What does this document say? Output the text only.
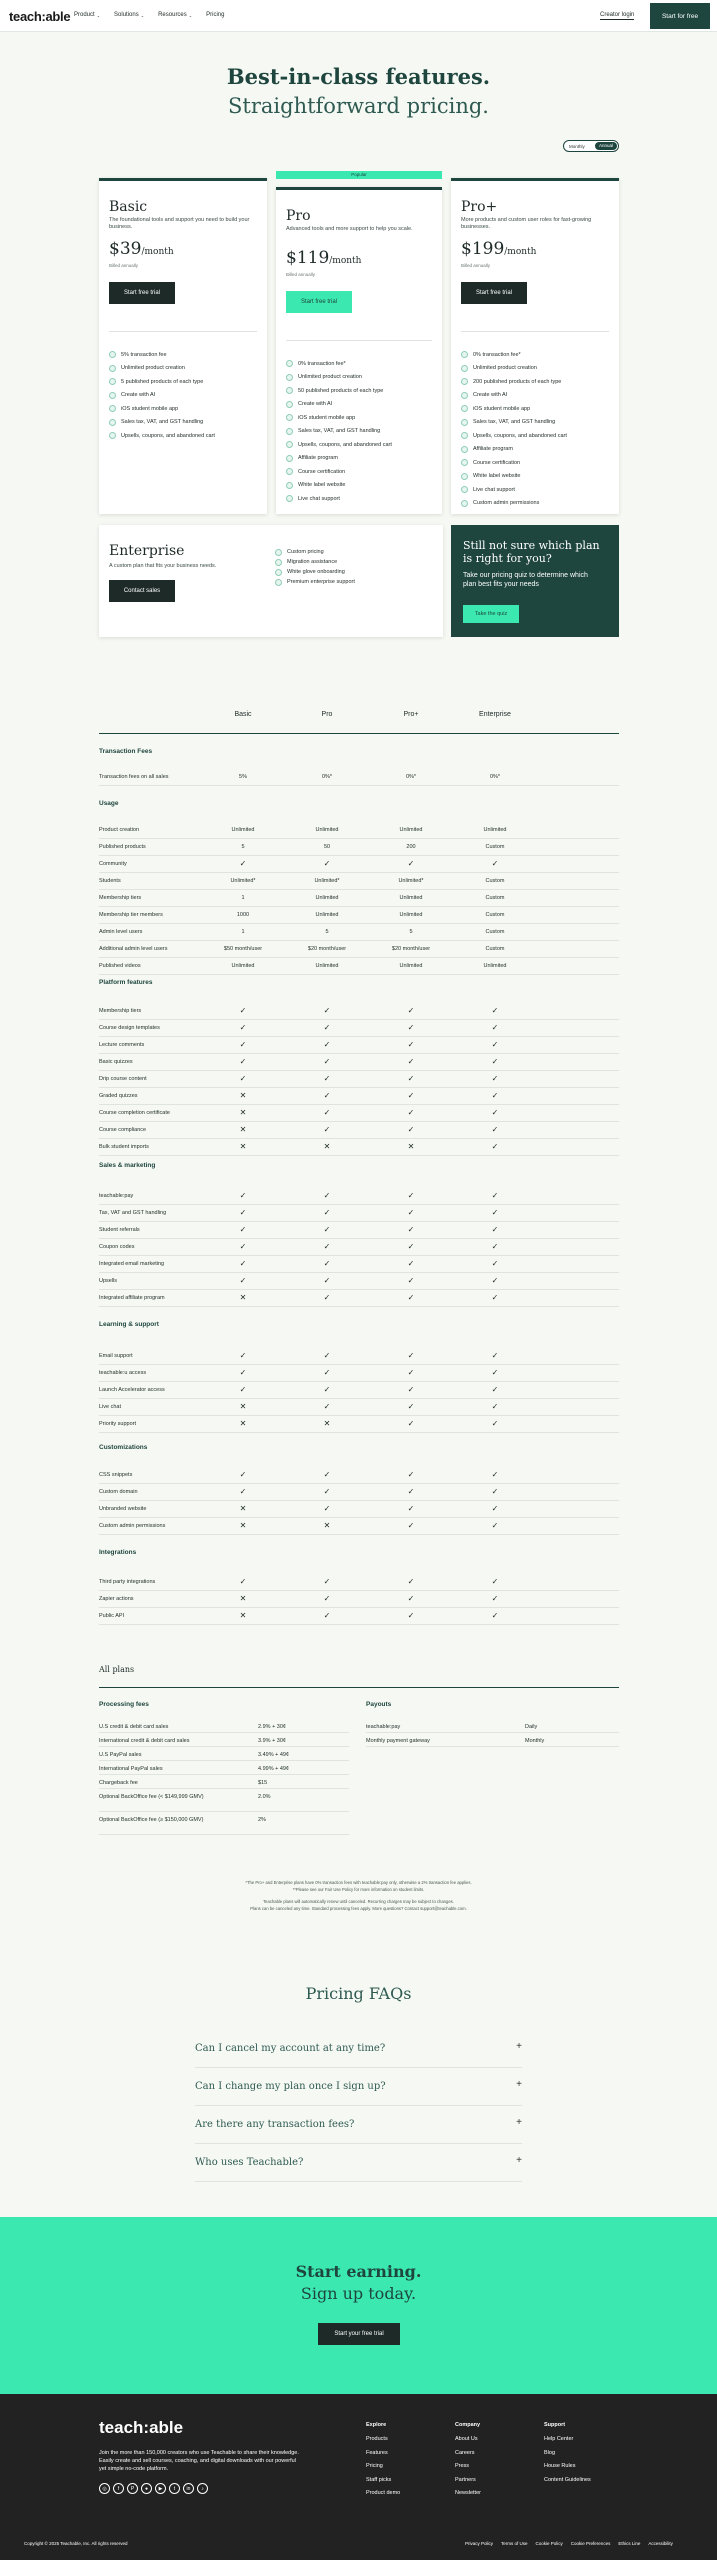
teach:able Product ⌄ Solutions ⌄ Resources ⌄ Pricing	Creator login	Start for free
Best-in-class features.
Straightforward pricing.
Monthly	Annual
Basic
The foundational tools and support you need to build your business.
$39/month
Billed annually
Start free trial
5% transaction fee
Unlimited product creation
5 published products of each type
Create with AI
iOS student mobile app
Sales tax, VAT, and GST handling
Upsells, coupons, and abandoned cart
Popular
Pro
Advanced tools and more support to help you scale.
$119/month
Billed annually
Start free trial
0% transaction fee*
Unlimited product creation
50 published products of each type
Create with AI
iOS student mobile app
Sales tax, VAT, and GST handling
Upsells, coupons, and abandoned cart
Affiliate program
Course certification
White label website
Live chat support
Pro+
More products and custom user roles for fast-growing businesses.
$199/month
Billed annually
Start free trial
0% transaction fee*
Unlimited product creation
200 published products of each type
Create with AI
iOS student mobile app
Sales tax, VAT, and GST handling
Upsells, coupons, and abandoned cart
Affiliate program
Course certification
White label website
Live chat support
Custom admin permissions
Enterprise
A custom plan that fits your business needs.
Contact sales
Custom pricing
Migration assistance
White glove onboarding
Premium enterprise support
Still not sure which plan is right for you?
Take our pricing quiz to determine which plan best fits your needs
Take the quiz
Basic	Pro	Pro+	Enterprise
Transaction Fees
Transaction fees on all sales	5%	0%*	0%*	0%*
Usage
Product creation	Unlimited	Unlimited	Unlimited	Unlimited
Published products	5	50	200	Custom
Community	✓	✓	✓	✓
Students	Unlimited*	Unlimited*	Unlimited*	Custom
Membership tiers	1	Unlimited	Unlimited	Custom
Membership tier members	1000	Unlimited	Unlimited	Custom
Admin level users	1	5	5	Custom
Additional admin level users	$50 month/user	$20 month/user	$20 month/user	Custom
Published videos	Unlimited	Unlimited	Unlimited	Unlimited
Platform features
Membership tiers	✓	✓	✓	✓
Course design templates	✓	✓	✓	✓
Lecture comments	✓	✓	✓	✓
Basic quizzes	✓	✓	✓	✓
Drip course content	✓	✓	✓	✓
Graded quizzes	✕	✓	✓	✓
Course completion certificate	✕	✓	✓	✓
Course compliance	✕	✓	✓	✓
Bulk student imports	✕	✕	✕	✓
Sales & marketing
teachable:pay	✓	✓	✓	✓
Tax, VAT and GST handling	✓	✓	✓	✓
Student referrals	✓	✓	✓	✓
Coupon codes	✓	✓	✓	✓
Integrated email marketing	✓	✓	✓	✓
Upsells	✓	✓	✓	✓
Integrated affiliate program	✕	✓	✓	✓
Learning & support
Email support	✓	✓	✓	✓
teachable:u access	✓	✓	✓	✓
Launch Accelerator access	✓	✓	✓	✓
Live chat	✕	✓	✓	✓
Priority support	✕	✕	✓	✓
Customizations
CSS snippets	✓	✓	✓	✓
Custom domain	✓	✓	✓	✓
Unbranded website	✕	✓	✓	✓
Custom admin permissions	✕	✕	✓	✓
Integrations
Third party integrations	✓	✓	✓	✓
Zapier actions	✕	✓	✓	✓
Public API	✕	✓	✓	✓
All plans
Processing fees	Payouts
U.S credit & debit card sales	2.9% + 30¢
International credit & debit card sales	3.9% + 30¢
U.S PayPal sales	3.49% + 49¢
International PayPal sales	4.99% + 49¢
Chargeback fee	$15
Optional BackOffice fee (< $149,999 GMV)	2.0%
Optional BackOffice fee (≥ $150,000 GMV)	2%
teachable:pay	Daily
Monthly payment gateway	Monthly
*The Pro+ and Enterprise plans have 0% transaction fees with teachable:pay only, otherwise a 2% transaction fee applies.
**Please see our Fair Use Policy for more information on student limits.
Teachable plans will automatically renew until canceled. Recurring charges may be subject to changes.
Plans can be canceled any time. Standard processing fees apply. More questions? Contact support@teachable.com.
Pricing FAQs
Can I cancel my account at any time?	+
Can I change my plan once I sign up?	+
Are there any transaction fees?	+
Who uses Teachable?	+
Start earning.
Sign up today.
Start your free trial
teach:able
Join the more than 150,000 creators who use Teachable to share their knowledge. Easily create and sell courses, coaching, and digital downloads with our powerful yet simple no-code platform.
◎	f	P	●	▶	t	in	♪
Explore
Products
Features
Pricing
Staff picks
Product demo
Company
About Us
Careers
Press
Partners
Newsletter
Support
Help Center
Blog
House Rules
Content Guidelines
Copyright © 2025 Teachable, Inc. All rights reserved	Privacy Policy Terms of Use Cookie Policy Cookie Preferences Ethics Line Accessibility
